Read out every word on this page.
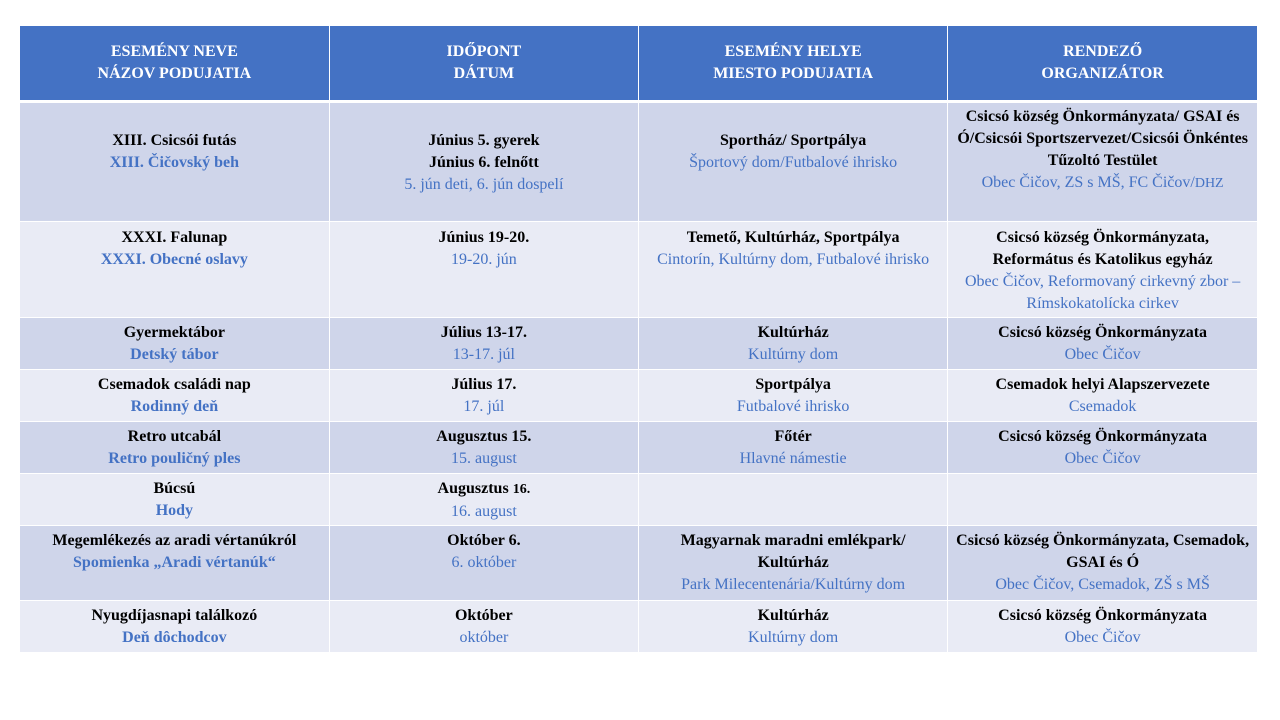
ESEMÉNY NEVE
NÁZOV PODUJATIA	IDŐPONT
DÁTUM	ESEMÉNY HELYE
MIESTO PODUJATIA	RENDEZŐ
ORGANIZÁTOR

XIII. Csicsói futás
XIII. Čičovský beh	Június 5. gyerek
Június 6. felnőtt
5. jún deti, 6. jún dospelí	Sportház/ Sportpálya
Športový dom/Futbalové ihrisko	Csicsó község Önkormányzata/ GSAI és Ó/Csicsói Sportszervezet/Csicsói Önkéntes Tűzoltó Testület
Obec Čičov, ZS s MŠ, FC Čičov/DHZ

XXXI. Falunap
XXXI. Obecné oslavy	Június 19-20.
19-20. jún	Temető, Kultúrház, Sportpálya
Cintorín, Kultúrny dom, Futbalové ihrisko	Csicsó község Önkormányzata, Református és Katolikus egyház
Obec Čičov, Reformovaný cirkevný zbor – Rímskokatolícka cirkev

Gyermektábor
Detský tábor	Július 13-17.
13-17. júl	Kultúrház
Kultúrny dom	Csicsó község Önkormányzata
Obec Čičov

Csemadok családi nap
Rodinný deň	Július 17.
17. júl	Sportpálya
Futbalové ihrisko	Csemadok helyi Alapszervezete
Csemadok

Retro utcabál
Retro pouličný ples	Augusztus 15.
15. august	Főtér
Hlavné námestie	Csicsó község Önkormányzata
Obec Čičov

Búcsú
Hody	Augusztus 16.
16. august		

Megemlékezés az aradi vértanúkról
Spomienka „Aradi vértanúk“	Október 6.
6. október	Magyarnak maradni emlékpark/ Kultúrház
Park Milecentenária/Kultúrny dom	Csicsó község Önkormányzata, Csemadok, GSAI és Ó
Obec Čičov, Csemadok, ZŠ s MŠ

Nyugdíjasnapi találkozó
Deň dôchodcov	Október
október	Kultúrház
Kultúrny dom	Csicsó község Önkormányzata
Obec Čičov
